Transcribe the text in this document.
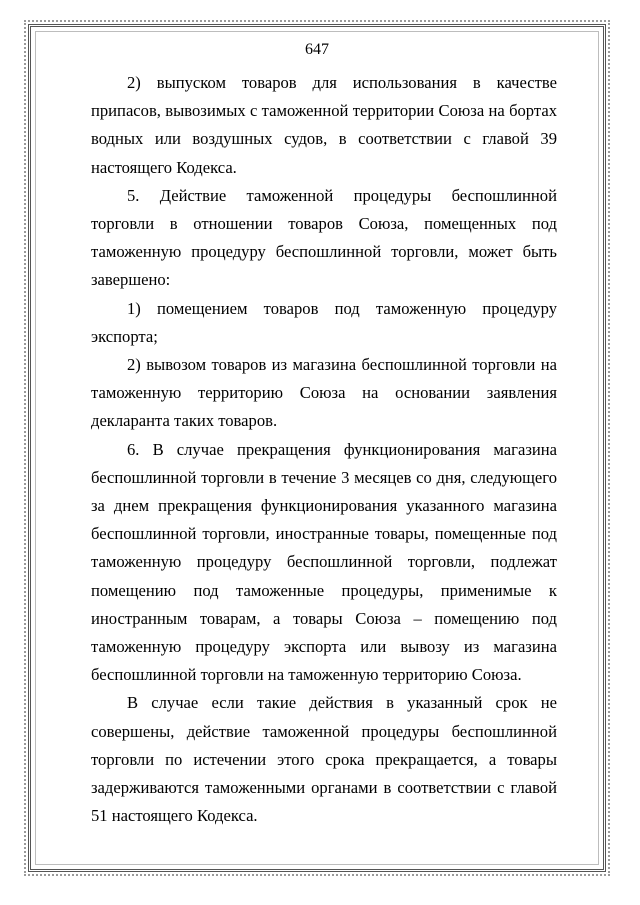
647

2) выпуском товаров для использования в качестве припасов, вывозимых с таможенной территории Союза на бортах водных или воздушных судов, в соответствии с главой 39 настоящего Кодекса.

5. Действие таможенной процедуры беспошлинной торговли в отношении товаров Союза, помещенных под таможенную процедуру беспошлинной торговли, может быть завершено:

1) помещением товаров под таможенную процедуру экспорта;

2) вывозом товаров из магазина беспошлинной торговли на таможенную территорию Союза на основании заявления декларанта таких товаров.

6. В случае прекращения функционирования магазина беспошлинной торговли в течение 3 месяцев со дня, следующего за днем прекращения функционирования указанного магазина беспошлинной торговли, иностранные товары, помещенные под таможенную процедуру беспошлинной торговли, подлежат помещению под таможенные процедуры, применимые к иностранным товарам, а товары Союза – помещению под таможенную процедуру экспорта или вывозу из магазина беспошлинной торговли на таможенную территорию Союза.

В случае если такие действия в указанный срок не совершены, действие таможенной процедуры беспошлинной торговли по истечении этого срока прекращается, а товары задерживаются таможенными органами в соответствии с главой 51 настоящего Кодекса.
